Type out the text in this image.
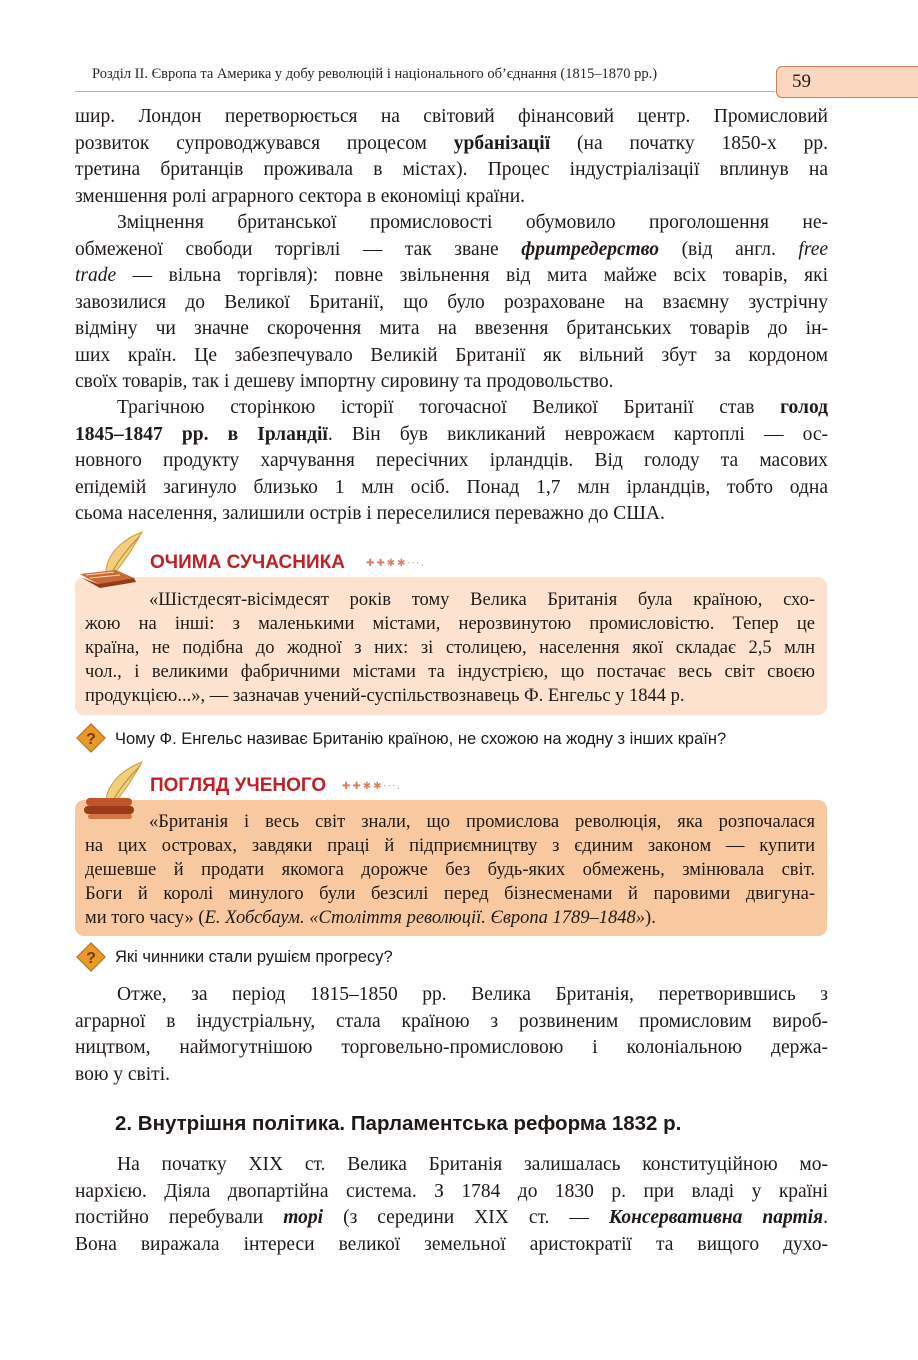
Розділ ІІ. Європа та Америка у добу революцій і національного об’єднання (1815–1870 рр.)	59
шир. Лондон перетворюється на світовий фінансовий центр. Промисловий
розвиток супроводжувався процесом урбанізації (на початку 1850-х рр.
третина британців проживала в містах). Процес індустріалізації вплинув на
зменшення ролі аграрного сектора в економіці країни.
Зміцнення британської промисловості обумовило проголошення не-
обмеженої свободи торгівлі — так зване фритредерство (від англ. free
trade — вільна торгівля): повне звільнення від мита майже всіх товарів, які
завозилися до Великої Британії, що було розраховане на взаємну зустрічну
відміну чи значне скорочення мита на ввезення британських товарів до ін-
ших країн. Це забезпечувало Великій Британії як вільний збут за кордоном
своїх товарів, так і дешеву імпортну сировину та продовольство.
Трагічною сторінкою історії тогочасної Великої Британії став голод
1845–1847 рр. в Ірландії. Він був викликаний неврожаєм картоплі — ос-
новного продукту харчування пересічних ірландців. Від голоду та масових
епідемій загинуло близько 1 млн осіб. Понад 1,7 млн ірландців, тобто одна
сьома населення, залишили острів і переселилися переважно до США.
ОЧИМА СУЧАСНИКА ✚✚✱✱∙∙∙.
«Шістдесят-вісімдесят років тому Велика Британія була країною, схо-
жою на інші: з маленькими містами, нерозвинутою промисловістю. Тепер це
країна, не подібна до жодної з них: зі столицею, населення якої складає 2,5 млн
чол., і великими фабричними містами та індустрією, що постачає весь світ своєю
продукцією...», — зазначав учений-суспільствознавець Ф. Енгельс у 1844 р.
? Чому Ф. Енгельс називає Британію країною, не схожою на жодну з інших країн?
ПОГЛЯД УЧЕНОГО ✚✚✱✱∙∙∙.
«Британія і весь світ знали, що промислова революція, яка розпочалася
на цих островах, завдяки праці й підприємництву з єдиним законом — купити
дешевше й продати якомога дорожче без будь-яких обмежень, змінювала світ.
Боги й королі минулого були безсилі перед бізнесменами й паровими двигуна-
ми того часу» (Е. Хобсбаум. «Століття революції. Європа 1789–1848»).
? Які чинники стали рушієм прогресу?
Отже, за період 1815–1850 рр. Велика Британія, перетворившись з
аграрної в індустріальну, стала країною з розвиненим промисловим вироб-
ництвом, наймогутнішою торговельно-промисловою і колоніальною держа-
вою у світі.
2. Внутрішня політика. Парламентська реформа 1832 р.
На початку XIX ст. Велика Британія залишалась конституційною мо-
нархією. Діяла двопартійна система. З 1784 до 1830 р. при владі у країні
постійно перебували торі (з середини XIX ст. — Консервативна партія.
Вона виражала інтереси великої земельної аристократії та вищого духо-
